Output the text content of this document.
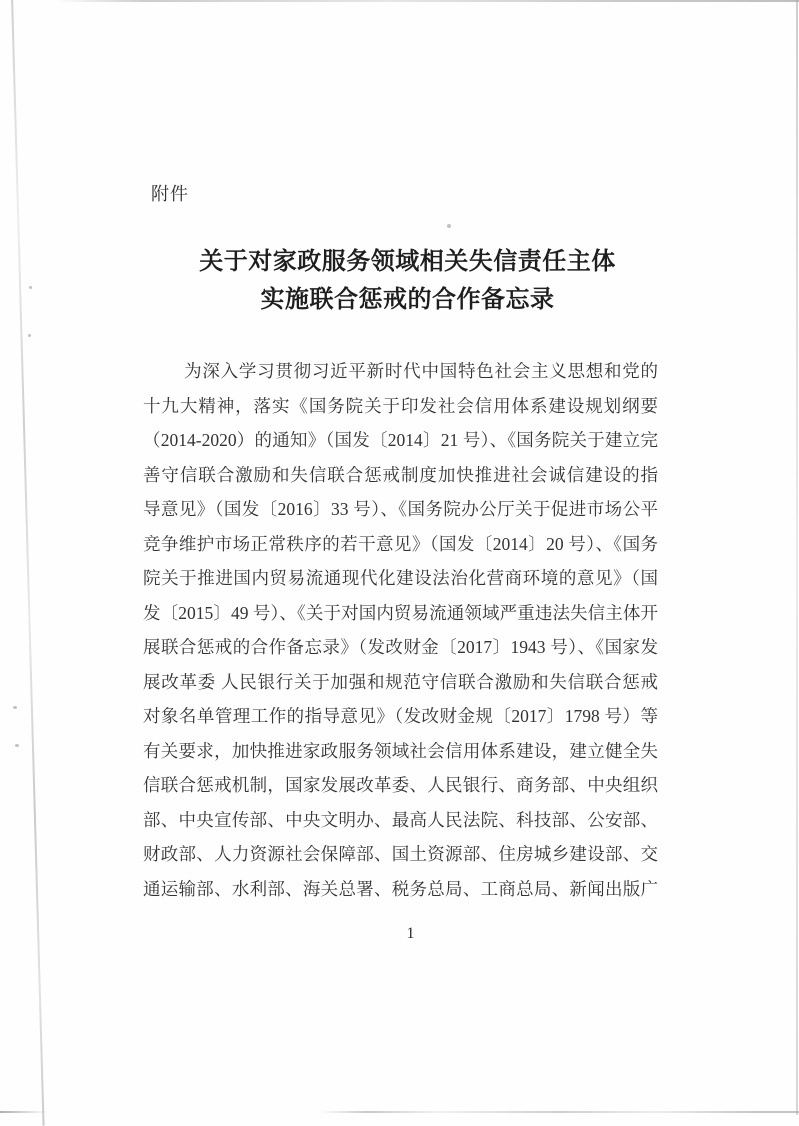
附件
关于对家政服务领域相关失信责任主体
实施联合惩戒的合作备忘录
为深入学习贯彻习近平新时代中国特色社会主义思想和党的
十九大精神，落实《国务院关于印发社会信用体系建设规划纲要
（2014-2020）的通知》（国发〔2014〕21 号）、《国务院关于建立完
善守信联合激励和失信联合惩戒制度加快推进社会诚信建设的指
导意见》（国发〔2016〕33 号）、《国务院办公厅关于促进市场公平
竞争维护市场正常秩序的若干意见》（国发〔2014〕20 号）、《国务
院关于推进国内贸易流通现代化建设法治化营商环境的意见》（国
发〔2015〕49 号）、《关于对国内贸易流通领域严重违法失信主体开
展联合惩戒的合作备忘录》（发改财金〔2017〕1943 号）、《国家发
展改革委 人民银行关于加强和规范守信联合激励和失信联合惩戒
对象名单管理工作的指导意见》（发改财金规〔2017〕1798 号）等
有关要求，加快推进家政服务领域社会信用体系建设，建立健全失
信联合惩戒机制，国家发展改革委、人民银行、商务部、中央组织
部、中央宣传部、中央文明办、最高人民法院、科技部、公安部、
财政部、人力资源社会保障部、国土资源部、住房城乡建设部、交
通运输部、水利部、海关总署、税务总局、工商总局、新闻出版广
1
